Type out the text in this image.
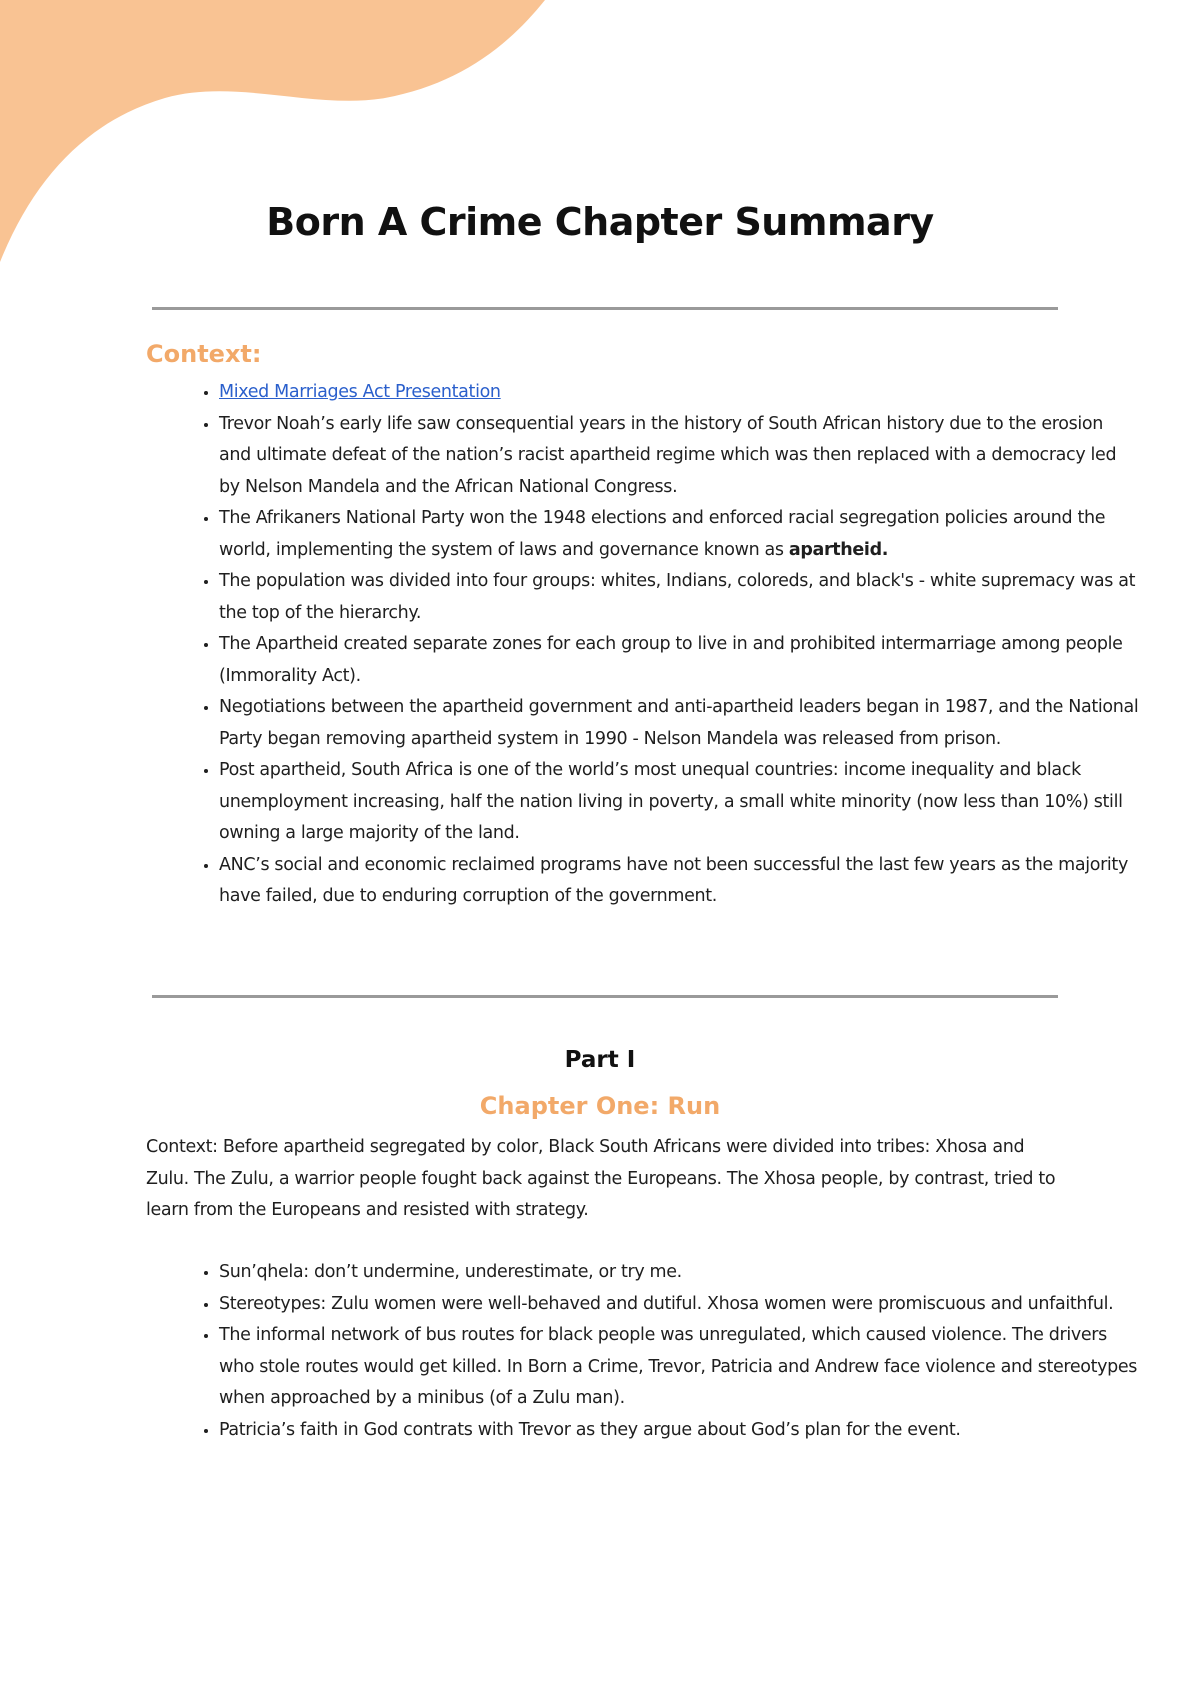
Born A Crime Chapter Summary
Context:
• Mixed Marriages Act Presentation
• Trevor Noah’s early life saw consequential years in the history of South African history due to the erosion and ultimate defeat of the nation’s racist apartheid regime which was then replaced with a democracy led by Nelson Mandela and the African National Congress.
• The Afrikaners National Party won the 1948 elections and enforced racial segregation policies around the world, implementing the system of laws and governance known as apartheid.
• The population was divided into four groups: whites, Indians, coloreds, and black's - white supremacy was at the top of the hierarchy.
• The Apartheid created separate zones for each group to live in and prohibited intermarriage among people (Immorality Act).
• Negotiations between the apartheid government and anti-apartheid leaders began in 1987, and the National Party began removing apartheid system in 1990 - Nelson Mandela was released from prison.
• Post apartheid, South Africa is one of the world’s most unequal countries: income inequality and black unemployment increasing, half the nation living in poverty, a small white minority (now less than 10%) still owning a large majority of the land.
• ANC’s social and economic reclaimed programs have not been successful the last few years as the majority have failed, due to enduring corruption of the government.
Part I
Chapter One: Run

Context: Before apartheid segregated by color, Black South Africans were divided into tribes: Xhosa and Zulu. The Zulu, a warrior people fought back against the Europeans. The Xhosa people, by contrast, tried to learn from the Europeans and resisted with strategy.

• Sun’qhela: don’t undermine, underestimate, or try me.
• Stereotypes: Zulu women were well-behaved and dutiful. Xhosa women were promiscuous and unfaithful.
• The informal network of bus routes for black people was unregulated, which caused violence. The drivers who stole routes would get killed. In Born a Crime, Trevor, Patricia and Andrew face violence and stereotypes when approached by a minibus (of a Zulu man).
• Patricia’s faith in God contrats with Trevor as they argue about God’s plan for the event.
